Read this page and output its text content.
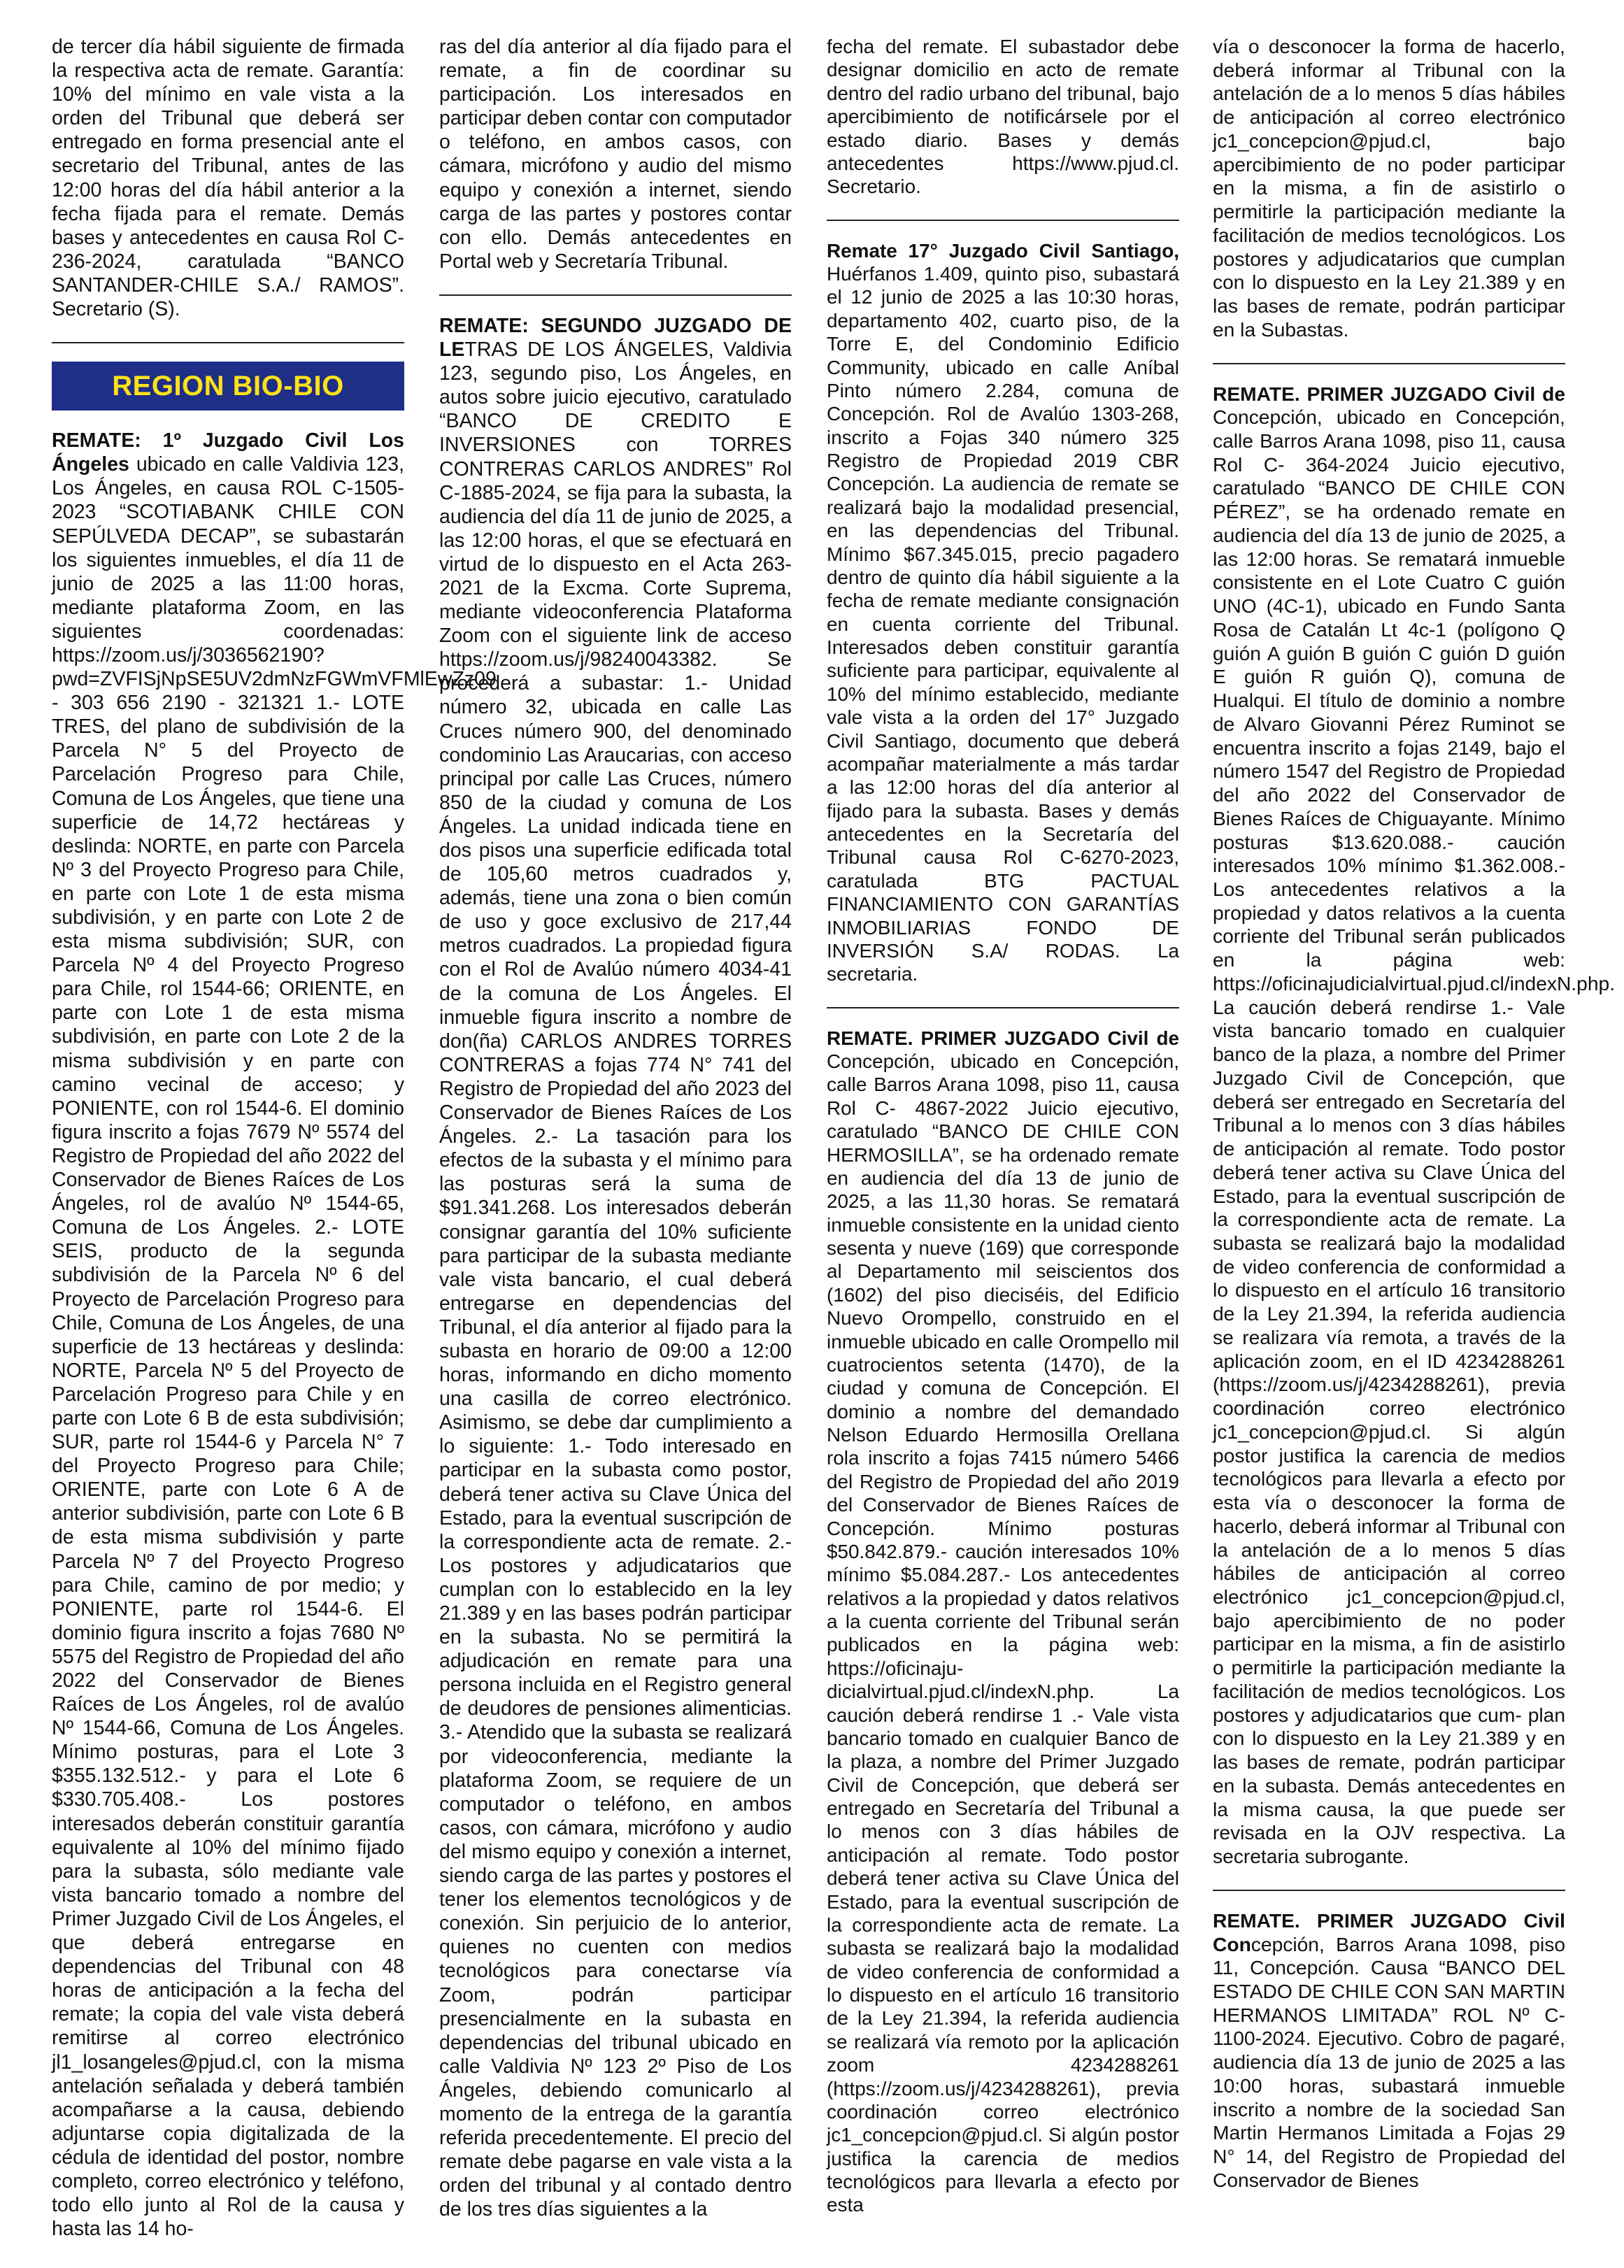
de tercer día hábil siguiente de firmada la respectiva acta de remate. Garantía: 10% del mínimo en vale vista a la orden del Tribunal que deberá ser entregado en forma presencial ante el secretario del Tribunal, antes de las 12:00 horas del día hábil anterior a la fecha fijada para el remate. Demás bases y antecedentes en causa Rol C-236-2024, caratulada “BANCO SANTANDER-CHILE S.A./ RAMOS”. Secretario (S).

REGION BIO-BIO

REMATE: 1º Juzgado Civil Los Ángeles ubicado en calle Valdivia 123, Los Ángeles, en causa ROL C-1505-2023 “SCOTIABANK CHILE CON SEPÚLVEDA DECAP”, se subastarán los siguientes inmuebles, el día 11 de junio de 2025 a las 11:00 horas, mediante plataforma Zoom, en las siguientes coordenadas: https://zoom.us/j/3036562190?pwd=ZVFISjNpSE5UV2dmNzFGWmVFMlEwZz09 - 303 656 2190 - 321321 1.- LOTE TRES, del plano de subdivisión de la Parcela N° 5 del Proyecto de Parcelación Progreso para Chile, Comuna de Los Ángeles, que tiene una superficie de 14,72 hectáreas y deslinda: NORTE, en parte con Parcela Nº 3 del Proyecto Progreso para Chile, en parte con Lote 1 de esta misma subdivisión, y en parte con Lote 2 de esta misma subdivisión; SUR, con Parcela Nº 4 del Proyecto Progreso para Chile, rol 1544-66; ORIENTE, en parte con Lote 1 de esta misma subdivisión, en parte con Lote 2 de la misma subdivisión y en parte con camino vecinal de acceso; y PONIENTE, con rol 1544-6. El dominio figura inscrito a fojas 7679 Nº 5574 del Registro de Propiedad del año 2022 del Conservador de Bienes Raíces de Los Ángeles, rol de avalúo Nº 1544-65, Comuna de Los Ángeles. 2.- LOTE SEIS, producto de la segunda subdivisión de la Parcela Nº 6 del Proyecto de Parcelación Progreso para Chile, Comuna de Los Ángeles, de una superficie de 13 hectáreas y deslinda: NORTE, Parcela Nº 5 del Proyecto de Parcelación Progreso para Chile y en parte con Lote 6 B de esta subdivisión; SUR, parte rol 1544-6 y Parcela N° 7 del Proyecto Progreso para Chile; ORIENTE, parte con Lote 6 A de anterior subdivisión, parte con Lote 6 B de esta misma subdivisión y parte Parcela Nº 7 del Proyecto Progreso para Chile, camino de por medio; y PONIENTE, parte rol 1544-6. El dominio figura inscrito a fojas 7680 Nº 5575 del Registro de Propiedad del año 2022 del Conservador de Bienes Raíces de Los Ángeles, rol de avalúo Nº 1544-66, Comuna de Los Ángeles. Mínimo posturas, para el Lote 3 $355.132.512.- y para el Lote 6 $330.705.408.- Los postores interesados deberán constituir garantía equivalente al 10% del mínimo fijado para la subasta, sólo mediante vale vista bancario tomado a nombre del Primer Juzgado Civil de Los Ángeles, el que deberá entregarse en dependencias del Tribunal con 48 horas de anticipación a la fecha del remate; la copia del vale vista deberá remitirse al correo electrónico jl1_losangeles@pjud.cl, con la misma antelación señalada y deberá también acompañarse a la causa, debiendo adjuntarse copia digitalizada de la cédula de identidad del postor, nombre completo, correo electrónico y teléfono, todo ello junto al Rol de la causa y hasta las 14 ho-

ras del día anterior al día fijado para el remate, a fin de coordinar su participación. Los interesados en participar deben contar con computador o teléfono, en ambos casos, con cámara, micrófono y audio del mismo equipo y conexión a internet, siendo carga de las partes y postores contar con ello. Demás antecedentes en Portal web y Secretaría Tribunal.

REMATE: SEGUNDO JUZGADO DE LETRAS DE LOS ÁNGELES, Valdivia 123, segundo piso, Los Ángeles, en autos sobre juicio ejecutivo, caratulado “BANCO DE CREDITO E INVERSIONES con TORRES CONTRERAS CARLOS ANDRES” Rol C-1885-2024, se fija para la subasta, la audiencia del día 11 de junio de 2025, a las 12:00 horas, el que se efectuará en virtud de lo dispuesto en el Acta 263- 2021 de la Excma. Corte Suprema, mediante videoconferencia Plataforma Zoom con el siguiente link de acceso https://zoom.us/j/98240043382. Se procederá a subastar: 1.- Unidad número 32, ubicada en calle Las Cruces número 900, del denominado condominio Las Araucarias, con acceso principal por calle Las Cruces, número 850 de la ciudad y comuna de Los Ángeles. La unidad indicada tiene en dos pisos una superficie edificada total de 105,60 metros cuadrados y, además, tiene una zona o bien común de uso y goce exclusivo de 217,44 metros cuadrados. La propiedad figura con el Rol de Avalúo número 4034-41 de la comuna de Los Ángeles. El inmueble figura inscrito a nombre de don(ña) CARLOS ANDRES TORRES CONTRERAS a fojas 774 N° 741 del Registro de Propiedad del año 2023 del Conservador de Bienes Raíces de Los Ángeles. 2.- La tasación para los efectos de la subasta y el mínimo para las posturas será la suma de $91.341.268. Los interesados deberán consignar garantía del 10% suficiente para participar de la subasta mediante vale vista bancario, el cual deberá entregarse en dependencias del Tribunal, el día anterior al fijado para la subasta en horario de 09:00 a 12:00 horas, informando en dicho momento una casilla de correo electrónico. Asimismo, se debe dar cumplimiento a lo siguiente: 1.- Todo interesado en participar en la subasta como postor, deberá tener activa su Clave Única del Estado, para la eventual suscripción de la correspondiente acta de remate. 2.- Los postores y adjudicatarios que cumplan con lo establecido en la ley 21.389 y en las bases podrán participar en la subasta. No se permitirá la adjudicación en remate para una persona incluida en el Registro general de deudores de pensiones alimenticias. 3.- Atendido que la subasta se realizará por videoconferencia, mediante la plataforma Zoom, se requiere de un computador o teléfono, en ambos casos, con cámara, micrófono y audio del mismo equipo y conexión a internet, siendo carga de las partes y postores el tener los elementos tecnológicos y de conexión. Sin perjuicio de lo anterior, quienes no cuenten con medios tecnológicos para conectarse vía Zoom, podrán participar presencialmente en la subasta en dependencias del tribunal ubicado en calle Valdivia Nº 123 2º Piso de Los Ángeles, debiendo comunicarlo al momento de la entrega de la garantía referida precedentemente. El precio del remate debe pagarse en vale vista a la orden del tribunal y al contado dentro de los tres días siguientes a la

fecha del remate. El subastador debe designar domicilio en acto de remate dentro del radio urbano del tribunal, bajo apercibimiento de notificársele por el estado diario. Bases y demás antecedentes https://www.pjud.cl. Secretario.

Remate 17° Juzgado Civil Santiago, Huérfanos 1.409, quinto piso, subastará el 12 junio de 2025 a las 10:30 horas, departamento 402, cuarto piso, de la Torre E, del Condominio Edificio Community, ubicado en calle Aníbal Pinto número 2.284, comuna de Concepción. Rol de Avalúo 1303-268, inscrito a Fojas 340 número 325 Registro de Propiedad 2019 CBR Concepción. La audiencia de remate se realizará bajo la modalidad presencial, en las dependencias del Tribunal. Mínimo $67.345.015, precio pagadero dentro de quinto día hábil siguiente a la fecha de remate mediante consignación en cuenta corriente del Tribunal. Interesados deben constituir garantía suficiente para participar, equivalente al 10% del mínimo establecido, mediante vale vista a la orden del 17° Juzgado Civil Santiago, documento que deberá acompañar materialmente a más tardar a las 12:00 horas del día anterior al fijado para la subasta. Bases y demás antecedentes en la Secretaría del Tribunal causa Rol C-6270-2023, caratulada BTG PACTUAL FINANCIAMIENTO CON GARANTÍAS INMOBILIARIAS FONDO DE INVERSIÓN S.A/ RODAS. La secretaria.

REMATE. PRIMER JUZGADO Civil de Concepción, ubicado en Concepción, calle Barros Arana 1098, piso 11, causa Rol C- 4867-2022 Juicio ejecutivo, caratulado “BANCO DE CHILE CON HERMOSILLA”, se ha ordenado remate en audiencia del día 13 de junio de 2025, a las 11,30 horas. Se rematará inmueble consistente en la unidad ciento sesenta y nueve (169) que corresponde al Departamento mil seiscientos dos (1602) del piso dieciséis, del Edificio Nuevo Orompello, construido en el inmueble ubicado en calle Orompello mil cuatrocientos setenta (1470), de la ciudad y comuna de Concepción. El dominio a nombre del demandado Nelson Eduardo Hermosilla Orellana rola inscrito a fojas 7415 número 5466 del Registro de Propiedad del año 2019 del Conservador de Bienes Raíces de Concepción. Mínimo posturas $50.842.879.- caución interesados 10% mínimo $5.084.287.- Los antecedentes relativos a la propiedad y datos relativos a la cuenta corriente del Tribunal serán publicados en la página web: https://oficinaju- dicialvirtual.pjud.cl/indexN.php. La caución deberá rendirse 1 .- Vale vista bancario tomado en cualquier Banco de la plaza, a nombre del Primer Juzgado Civil de Concepción, que deberá ser entregado en Secretaría del Tribunal a lo menos con 3 días hábiles de anticipación al remate. Todo postor deberá tener activa su Clave Única del Estado, para la eventual suscripción de la correspondiente acta de remate. La subasta se realizará bajo la modalidad de video conferencia de conformidad a lo dispuesto en el artículo 16 transitorio de la Ley 21.394, la referida audiencia se realizará vía remoto por la aplicación zoom 4234288261 (https://zoom.us/j/4234288261), previa coordinación correo electrónico jc1_concepcion@pjud.cl. Si algún postor justifica la carencia de medios tecnológicos para llevarla a efecto por esta

vía o desconocer la forma de hacerlo, deberá informar al Tribunal con la antelación de a lo menos 5 días hábiles de anticipación al correo electrónico jc1_concepcion@pjud.cl, bajo apercibimiento de no poder participar en la misma, a fin de asistirlo o permitirle la participación mediante la facilitación de medios tecnológicos. Los postores y adjudicatarios que cumplan con lo dispuesto en la Ley 21.389 y en las bases de remate, podrán participar en la Subastas.

REMATE. PRIMER JUZGADO Civil de Concepción, ubicado en Concepción, calle Barros Arana 1098, piso 11, causa Rol C- 364-2024 Juicio ejecutivo, caratulado “BANCO DE CHILE CON PÉREZ”, se ha ordenado remate en audiencia del día 13 de junio de 2025, a las 12:00 horas. Se rematará inmueble consistente en el Lote Cuatro C guión UNO (4C-1), ubicado en Fundo Santa Rosa de Catalán Lt 4c-1 (polígono Q guión A guión B guión C guión D guión E guión R guión Q), comuna de Hualqui. El título de dominio a nombre de Alvaro Giovanni Pérez Ruminot se encuentra inscrito a fojas 2149, bajo el número 1547 del Registro de Propiedad del año 2022 del Conservador de Bienes Raíces de Chiguayante. Mínimo posturas $13.620.088.- caución interesados 10% mínimo $1.362.008.- Los antecedentes relativos a la propiedad y datos relativos a la cuenta corriente del Tribunal serán publicados en la página web: https://oficinajudicialvirtual.pjud.cl/indexN.php. La caución deberá rendirse 1.- Vale vista bancario tomado en cualquier banco de la plaza, a nombre del Primer Juzgado Civil de Concepción, que deberá ser entregado en Secretaría del Tribunal a lo menos con 3 días hábiles de anticipación al remate. Todo postor deberá tener activa su Clave Única del Estado, para la eventual suscripción de la correspondiente acta de remate. La subasta se realizará bajo la modalidad de video conferencia de conformidad a lo dispuesto en el artículo 16 transitorio de la Ley 21.394, la referida audiencia se realizara vía remota, a través de la aplicación zoom, en el ID 4234288261 (https://zoom.us/j/4234288261), previa coordinación correo electrónico jc1_concepcion@pjud.cl. Si algún postor justifica la carencia de medios tecnológicos para llevarla a efecto por esta vía o desconocer la forma de hacerlo, deberá informar al Tribunal con la antelación de a lo menos 5 días hábiles de anticipación al correo electrónico jc1_concepcion@pjud.cl, bajo apercibimiento de no poder participar en la misma, a fin de asistirlo o permitirle la participación mediante la facilitación de medios tecnológicos. Los postores y adjudicatarios que cum- plan con lo dispuesto en la Ley 21.389 y en las bases de remate, podrán participar en la subasta. Demás antecedentes en la misma causa, la que puede ser revisada en la OJV respectiva. La secretaria subrogante.

REMATE. PRIMER JUZGADO Civil Concepción, Barros Arana 1098, piso 11, Concepción. Causa “BANCO DEL ESTADO DE CHILE CON SAN MARTIN HERMANOS LIMITADA” ROL Nº C-1100-2024. Ejecutivo. Cobro de pagaré, audiencia día 13 de junio de 2025 a las 10:00 horas, subastará inmueble inscrito a nombre de la sociedad San Martin Hermanos Limitada a Fojas 29 N° 14, del Registro de Propiedad del Conservador de Bienes
